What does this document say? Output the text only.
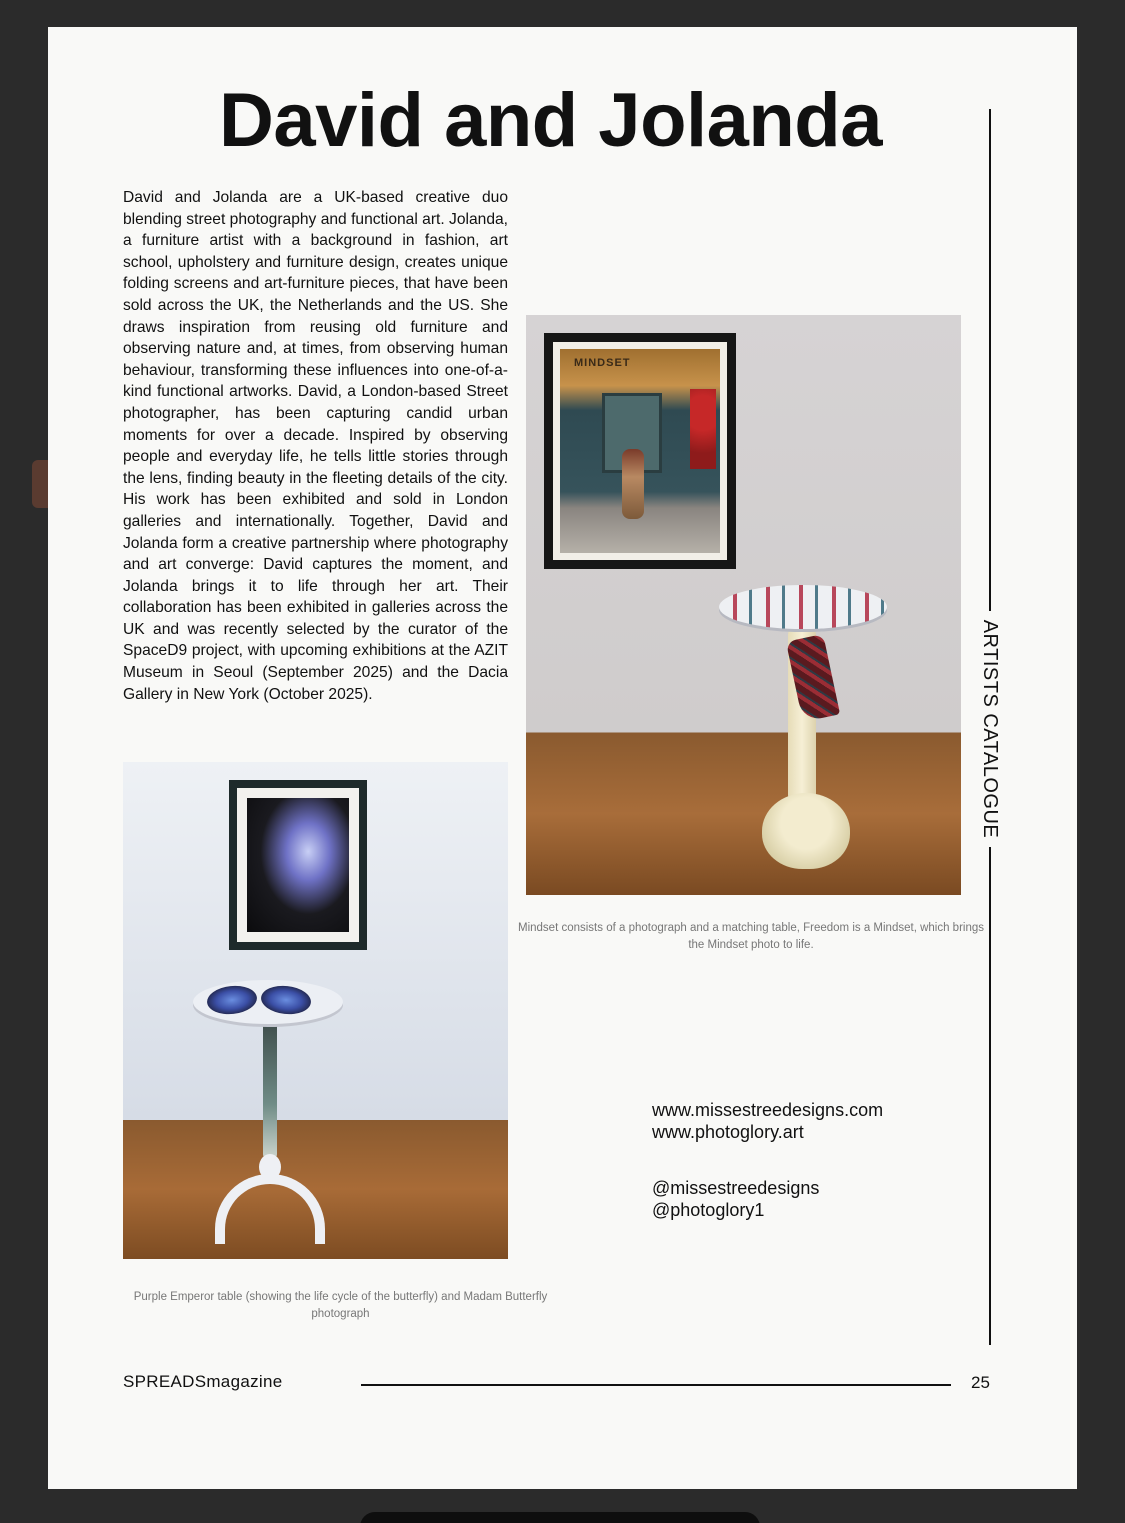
David and Jolanda

David and Jolanda are a UK-based creative duo blending street photography and functional art. Jolanda, a furniture artist with a background in fashion, art school, upholstery and furniture design, creates unique folding screens and art-furniture pieces, that have been sold across the UK, the Netherlands and the US. She draws inspiration from reusing old furniture and observing nature and, at times, from observing human behaviour, transforming these influences into one-of-a-kind functional artworks. David, a London-based Street photographer, has been capturing candid urban moments for over a decade. Inspired by observing people and everyday life, he tells little stories through the lens, finding beauty in the fleeting details of the city. His work has been exhibited and sold in London galleries and internationally. Together, David and Jolanda form a creative partnership where photography and art converge: David captures the moment, and Jolanda brings it to life through her art. Their collaboration has been exhibited in galleries across the UK and was recently selected by the curator of the SpaceD9 project, with upcoming exhibitions at the AZIT Museum in Seoul (September 2025) and the Dacia Gallery in New York (October 2025).

MINDSET
Mindset consists of a photograph and a matching table, Freedom is a Mindset, which brings the Mindset photo to life.
Purple Emperor table (showing the life cycle of the butterfly) and Madam Butterfly photograph
www.missestreedesigns.com
www.photoglory.art
@missestreedesigns
@photoglory1
ARTISTS CATALOGUE
SPREADSmagazine	25
